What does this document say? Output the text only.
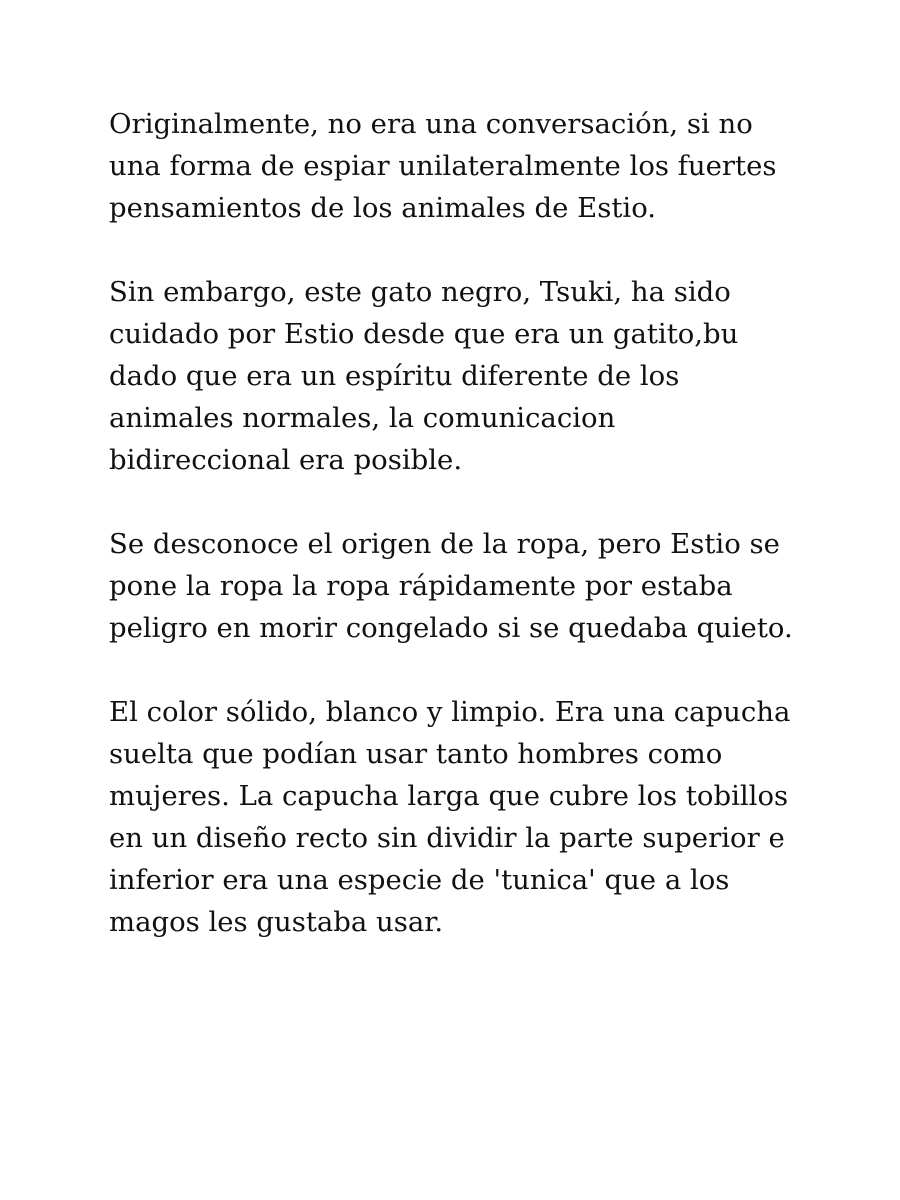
Originalmente, no era una conversación, si no
una forma de espiar unilateralmente los fuertes
pensamientos de los animales de Estio.

Sin embargo, este gato negro, Tsuki, ha sido
cuidado por Estio desde que era un gatito,bu
dado que era un espíritu diferente de los
animales normales, la comunicacion
bidireccional era posible.

Se desconoce el origen de la ropa, pero Estio se
pone la ropa la ropa rápidamente por estaba
peligro en morir congelado si se quedaba quieto.

El color sólido, blanco y limpio. Era una capucha
suelta que podían usar tanto hombres como
mujeres. La capucha larga que cubre los tobillos
en un diseño recto sin dividir la parte superior e
inferior era una especie de 'tunica' que a los
magos les gustaba usar.
